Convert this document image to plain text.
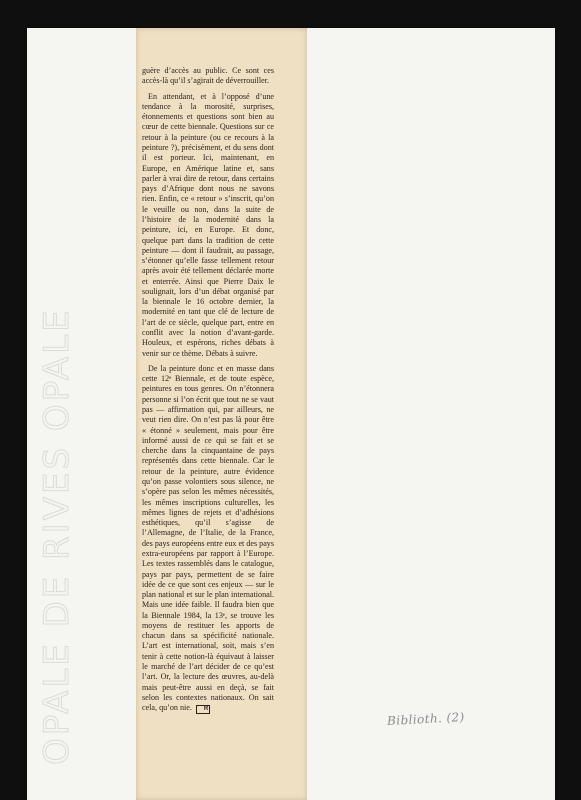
OPALE DE RIVES OPALE

guère d’accès au public. Ce sont ces accès-là qu’il s’agirait de déverrouiller.

En attendant, et à l’opposé d’une tendance à la morosité, surprises, étonnements et questions sont bien au cœur de cette biennale. Questions sur ce retour à la peinture (ou ce recours à la peinture ?), précisément, et du sens dont il est porteur. Ici, maintenant, en Europe, en Amérique latine et, sans parler à vrai dire de retour, dans certains pays d’Afrique dont nous ne savons rien. Enfin, ce « retour » s’inscrit, qu’on le veuille ou non, dans la suite de l’histoire de la modernité dans la peinture, ici, en Europe. Et donc, quelque part dans la tradition de cette peinture — dont il faudrait, au passage, s’étonner qu’elle fasse tellement retour après avoir été tellement déclarée morte et enterrée. Ainsi que Pierre Daix le soulignait, lors d’un débat organisé par la biennale le 16 octobre dernier, la modernité en tant que clé de lecture de l’art de ce siècle, quelque part, entre en conflit avec la notion d’avant-garde. Houleux, et espérons, riches débats à venir sur ce thème. Débats à suivre.

De la peinture donc et en masse dans cette 12ᵉ Biennale, et de toute espèce, peintures en tous genres. On n’étonnera personne si l’on écrit que tout ne se vaut pas — affirmation qui, par ailleurs, ne veut rien dire. On n’est pas là pour être « étonné » seulement, mais pour être informé aussi de ce qui se fait et se cherche dans la cinquantaine de pays représentés dans cette biennale. Car le retour de la peinture, autre évidence qu’on passe volontiers sous silence, ne s’opère pas selon les mêmes nécessités, les mêmes inscriptions culturelles, les mêmes lignes de rejets et d’adhésions esthétiques, qu’il s’agisse de l’Allemagne, de l’Italie, de la France, des pays européens entre eux et des pays extra-européens par rapport à l’Europe. Les textes rassemblés dans le catalogue, pays par pays, permettent de se faire idée de ce que sont ces enjeux — sur le plan national et sur le plan international. Mais une idée faible. Il faudra bien que la Biennale 1984, la 13ᵉ, se trouve les moyens de restituer les apports de chacun dans sa spécificité nationale. L’art est international, soit, mais s’en tenir à cette notion-là équivaut à laisser le marché de l’art décider de ce qu’est l’art. Or, la lecture des œuvres, au-delà mais peut-être aussi en deçà, se fait selon les contextes nationaux. On sait cela, qu’on nie. R

Biblioth. (2)
